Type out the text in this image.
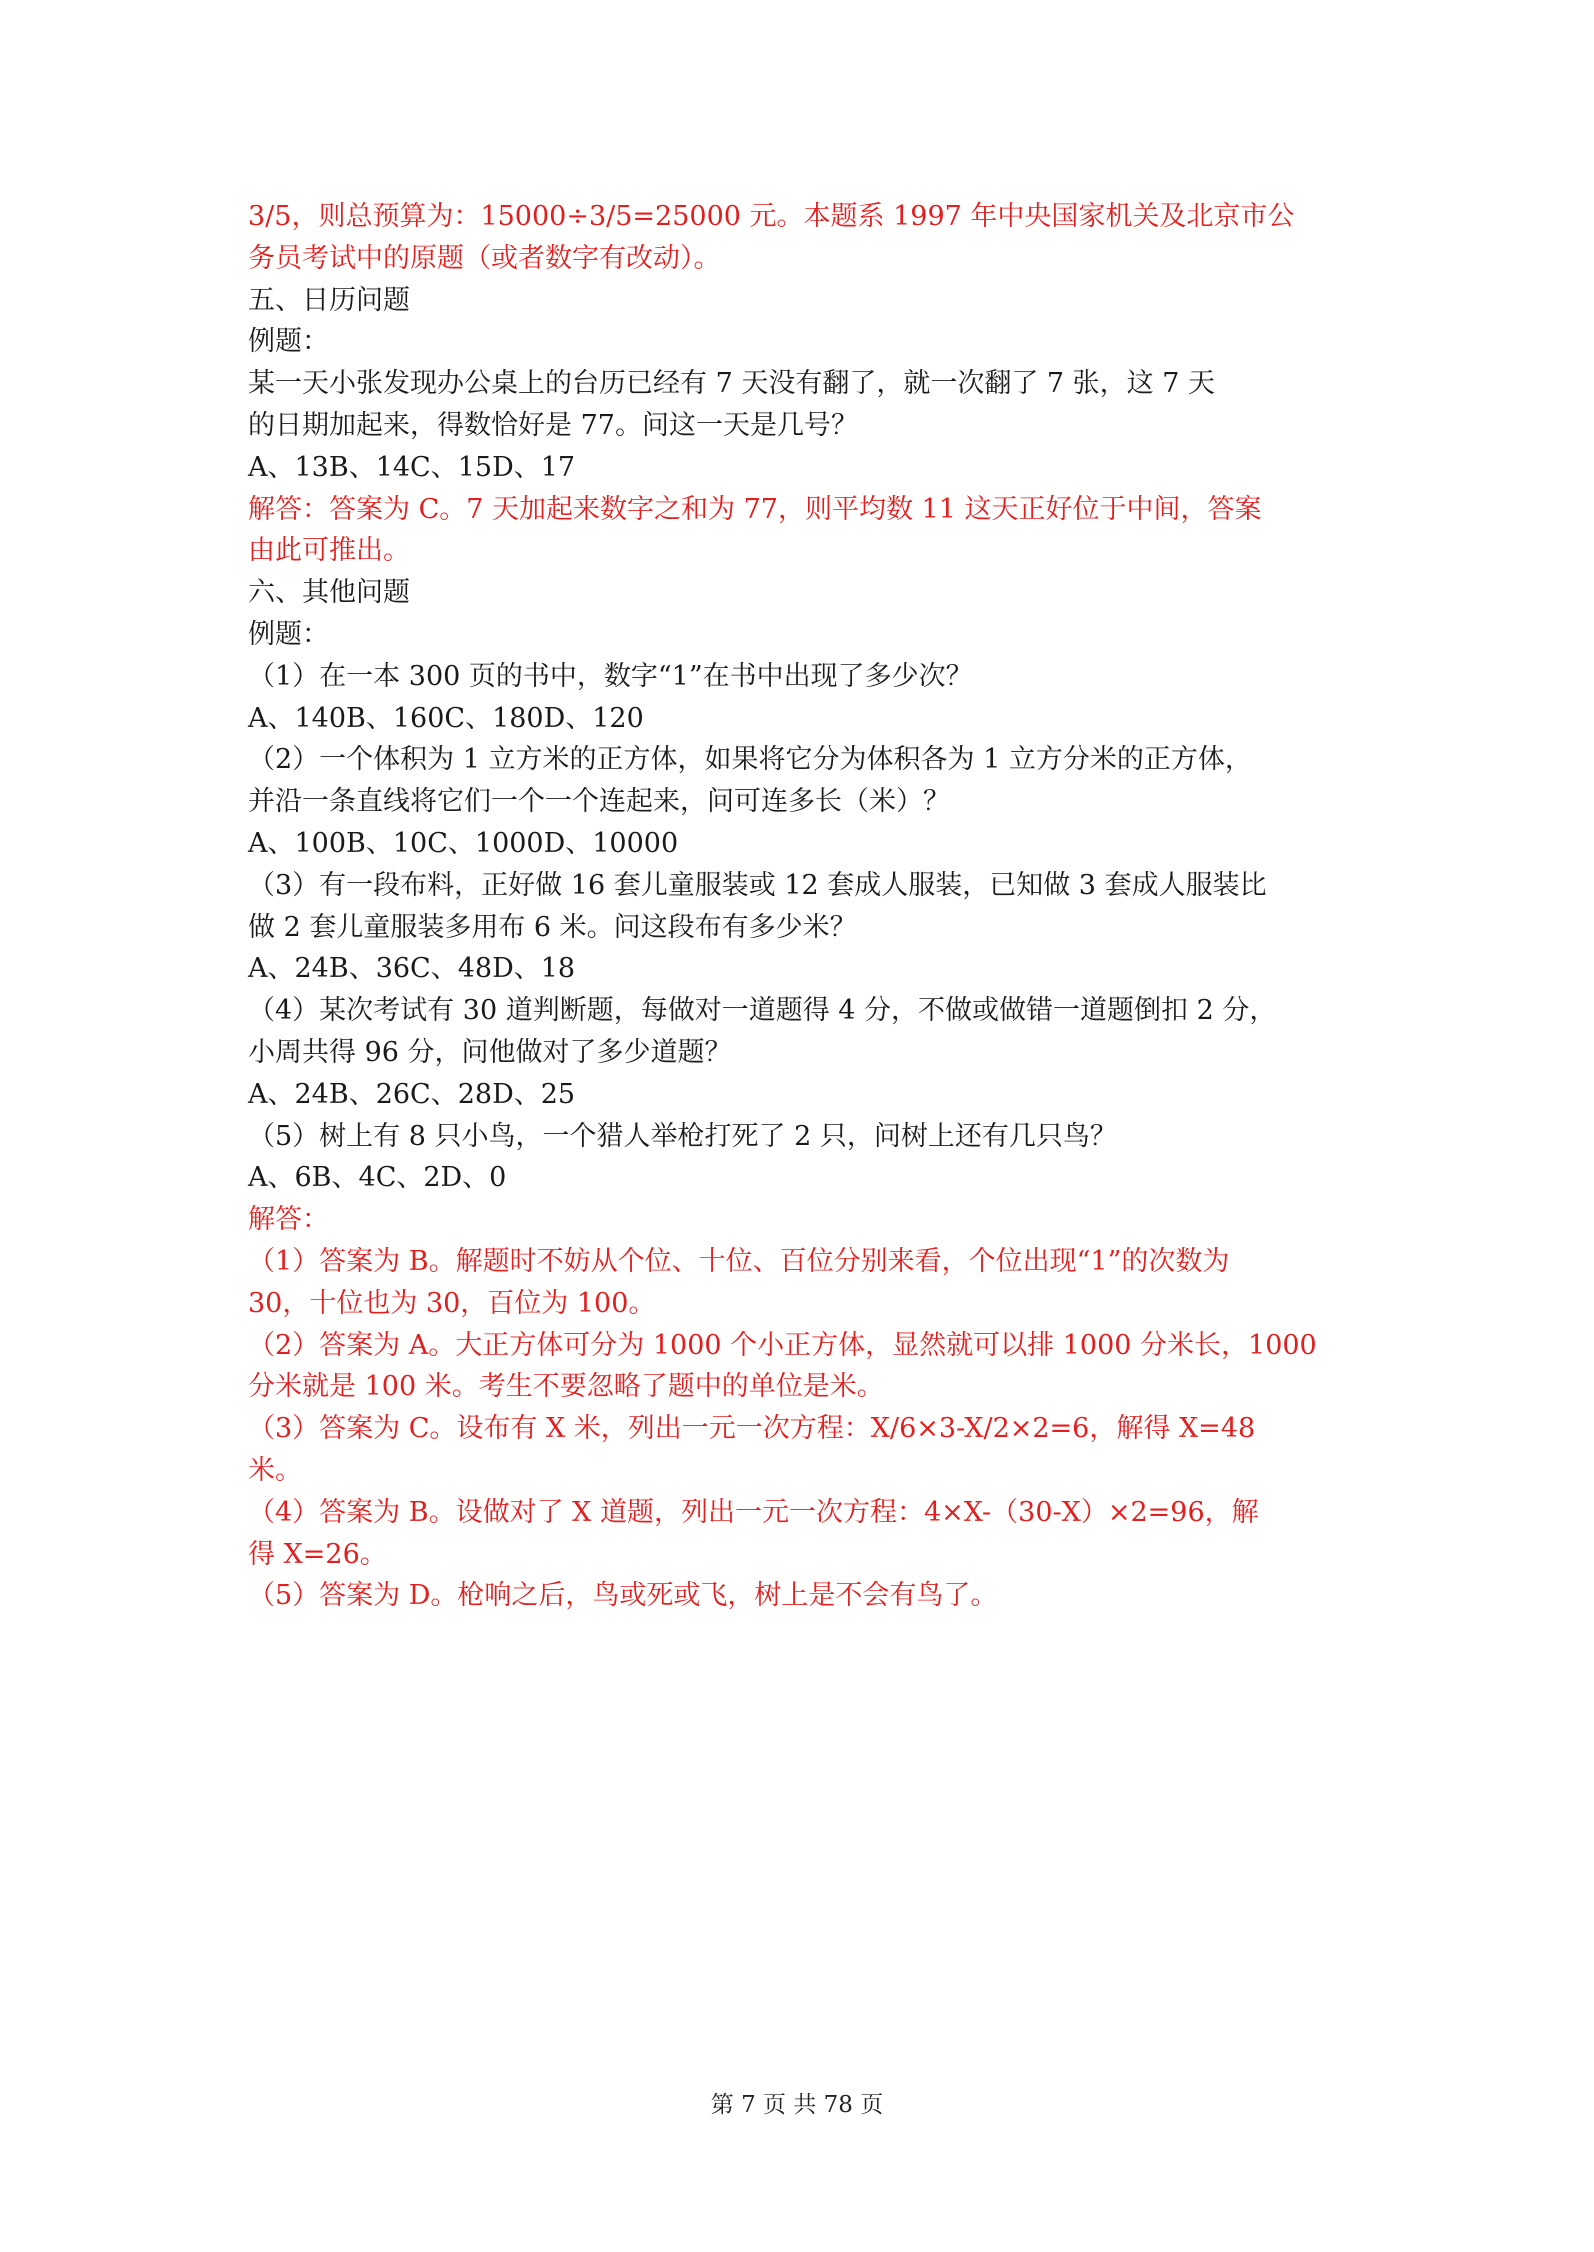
3/5，则总预算为：15000÷3/5=25000 元。本题系 1997 年中央国家机关及北京市公
务员考试中的原题（或者数字有改动）。
五、日历问题
例题：
某一天小张发现办公桌上的台历已经有 7 天没有翻了，就一次翻了 7 张，这 7 天
的日期加起来，得数恰好是 77。问这一天是几号？
A、13B、14C、15D、17
解答：答案为 C。7 天加起来数字之和为 77，则平均数 11 这天正好位于中间，答案
由此可推出。
六、其他问题
例题：
（1）在一本 300 页的书中，数字“1”在书中出现了多少次？
A、140B、160C、180D、120
（2）一个体积为 1 立方米的正方体，如果将它分为体积各为 1 立方分米的正方体，
并沿一条直线将它们一个一个连起来，问可连多长（米）？
A、100B、10C、1000D、10000
（3）有一段布料，正好做 16 套儿童服装或 12 套成人服装，已知做 3 套成人服装比
做 2 套儿童服装多用布 6 米。问这段布有多少米？
A、24B、36C、48D、18
（4）某次考试有 30 道判断题，每做对一道题得 4 分，不做或做错一道题倒扣 2 分，
小周共得 96 分，问他做对了多少道题？
A、24B、26C、28D、25
（5）树上有 8 只小鸟，一个猎人举枪打死了 2 只，问树上还有几只鸟？
A、6B、4C、2D、0
解答：
（1）答案为 B。解题时不妨从个位、十位、百位分别来看，个位出现“1”的次数为
30，十位也为 30，百位为 100。
（2）答案为 A。大正方体可分为 1000 个小正方体，显然就可以排 1000 分米长，1000
分米就是 100 米。考生不要忽略了题中的单位是米。
（3）答案为 C。设布有 X 米，列出一元一次方程：X/6×3-X/2×2=6，解得 X=48
米。
（4）答案为 B。设做对了 X 道题，列出一元一次方程：4×X-（30-X）×2=96，解
得 X=26。
（5）答案为 D。枪响之后，鸟或死或飞，树上是不会有鸟了。
第 7 页 共 78 页
